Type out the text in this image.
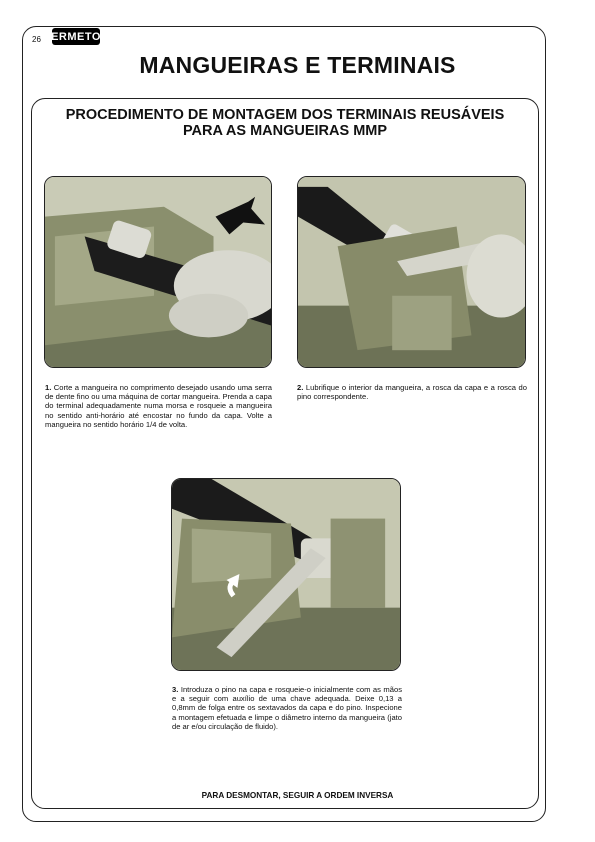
26 ERMETO
MANGUEIRAS E TERMINAIS
PROCEDIMENTO DE MONTAGEM DOS TERMINAIS REUSÁVEIS
PARA AS MANGUEIRAS MMP
1. Corte a mangueira no comprimento desejado usando uma serra de dente fino ou uma máquina de cortar mangueira. Prenda a capa do terminal adequadamente numa morsa e rosqueie a mangueira no sentido anti-horário até encostar no fundo da capa. Volte a mangueira no sentido horário 1/4 de volta.
2. Lubrifique o interior da mangueira, a rosca da capa e a rosca do pino correspondente.
3. Introduza o pino na capa e rosqueie-o inicialmente com as mãos e a seguir com auxílio de uma chave adequada. Deixe 0,13 a 0,8mm de folga entre os sextavados da capa e do pino. Inspecione a montagem efetuada e limpe o diâmetro interno da mangueira (jato de ar e/ou circulação de fluido).
PARA DESMONTAR, SEGUIR A ORDEM INVERSA
